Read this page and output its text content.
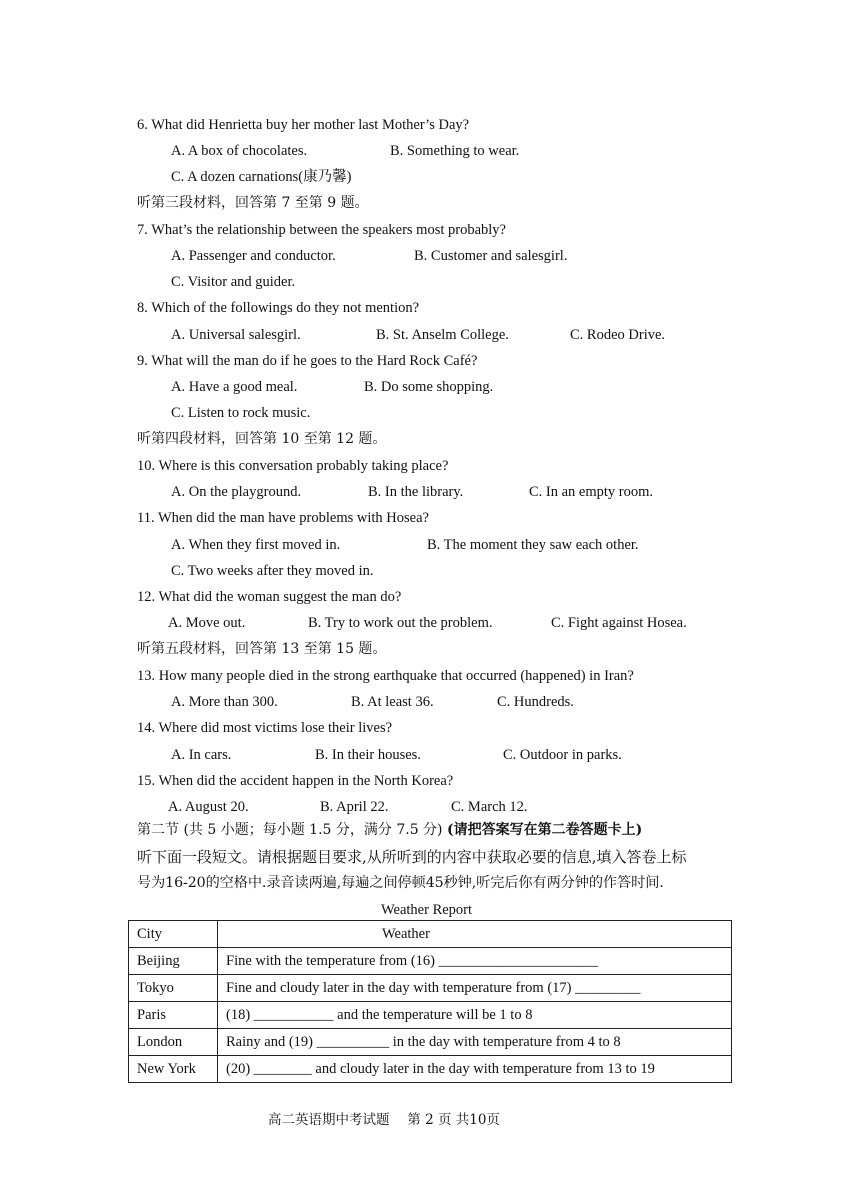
6. What did Henrietta buy her mother last Mother’s Day?
A. A box of chocolates.	B. Something to wear.
C. A dozen carnations(康乃馨)
听第三段材料，回答第 7 至第 9 题。
7. What’s the relationship between the speakers most probably?
A. Passenger and conductor.	B. Customer and salesgirl.
C. Visitor and guider.
8. Which of the followings do they not mention?
A. Universal salesgirl.	B. St. Anselm College.	C. Rodeo Drive.
9. What will the man do if he goes to the Hard Rock Café?
A. Have a good meal.	B. Do some shopping.
C. Listen to rock music.
听第四段材料，回答第 10 至第 12 题。
10. Where is this conversation probably taking place?
A. On the playground.	B. In the library.	C. In an empty room.
11. When did the man have problems with Hosea?
A. When they first moved in.	B. The moment they saw each other.
C. Two weeks after they moved in.
12. What did the woman suggest the man do?
A. Move out.	B. Try to work out the problem.	C. Fight against Hosea.
听第五段材料，回答第 13 至第 15 题。
13. How many people died in the strong earthquake that occurred (happened) in Iran?
A. More than 300.	B. At least 36.	C. Hundreds.
14. Where did most victims lose their lives?
A. In cars.	B. In their houses.	C. Outdoor in parks.
15. When did the accident happen in the North Korea?
A. August 20.	B. April 22.	C. March 12.
第二节 (共 5 小题；每小题 1.5 分，满分 7.5 分) (请把答案写在第二卷答题卡上)
听下面一段短文。请根据题目要求,从所听到的内容中获取必要的信息,填入答卷上标
号为16-20的空格中.录音读两遍,每遍之间停顿45秒钟,听完后你有两分钟的作答时间.
Weather Report
City	Weather
Beijing	Fine with the temperature from (16) ______________________
Tokyo	Fine and cloudy later in the day with temperature from (17) _________
Paris	(18) ___________ and the temperature will be 1 to 8
London	Rainy and (19) __________ in the day with temperature from 4 to 8
New York	(20) ________ and cloudy later in the day with temperature from 13 to 19
高二英语期中考试题　 第 2 页 共10页
